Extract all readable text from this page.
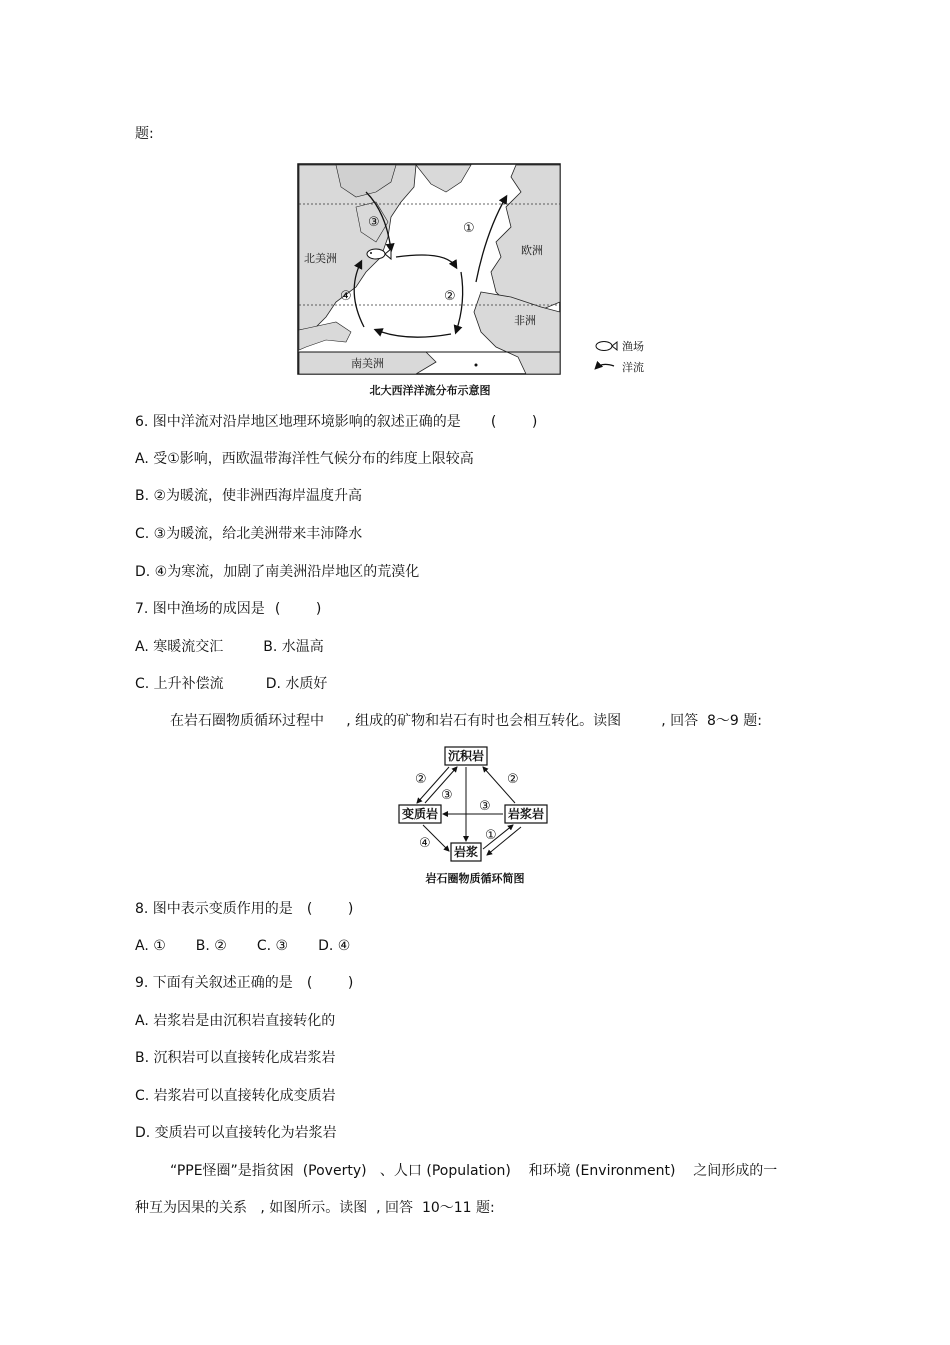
题:
北美洲
欧洲
非洲
南美洲
①
②
③
④
渔场
洋流
北大西洋洋流分布示意图
6. 图中洋流对沿岸地区地理环境影响的叙述正确的是 (        )
A. 受①影响，西欧温带海洋性气候分布的纬度上限较高
B. ②为暖流，使非洲西海岸温度升高
C. ③为暖流，给北美洲带来丰沛降水
D. ④为寒流，加剧了南美洲沿岸地区的荒漠化
7. 图中渔场的成因是 (        )
A. 寒暖流交汇	B. 水温高
C. 上升补偿流	D. 水质好
在岩石圈物质循环过程中     , 组成的矿物和岩石有时也会相互转化。读图         , 回答  8～9 题:
沉积岩
变质岩	岩浆岩
岩浆
①
②	②
③
③
④
岩石圈物质循环简图
8. 图中表示变质作用的是 (        )
A. ① B. ② C. ③ D. ④
9. 下面有关叙述正确的是 (        )
A. 岩浆岩是由沉积岩直接转化的
B. 沉积岩可以直接转化成岩浆岩
C. 岩浆岩可以直接转化成变质岩
D. 变质岩可以直接转化为岩浆岩
“PPE怪圈”是指贫困  (Poverty)   、人口 (Population)    和环境 (Environment)    之间形成的一
种互为因果的关系   , 如图所示。读图  , 回答  10～11 题:
